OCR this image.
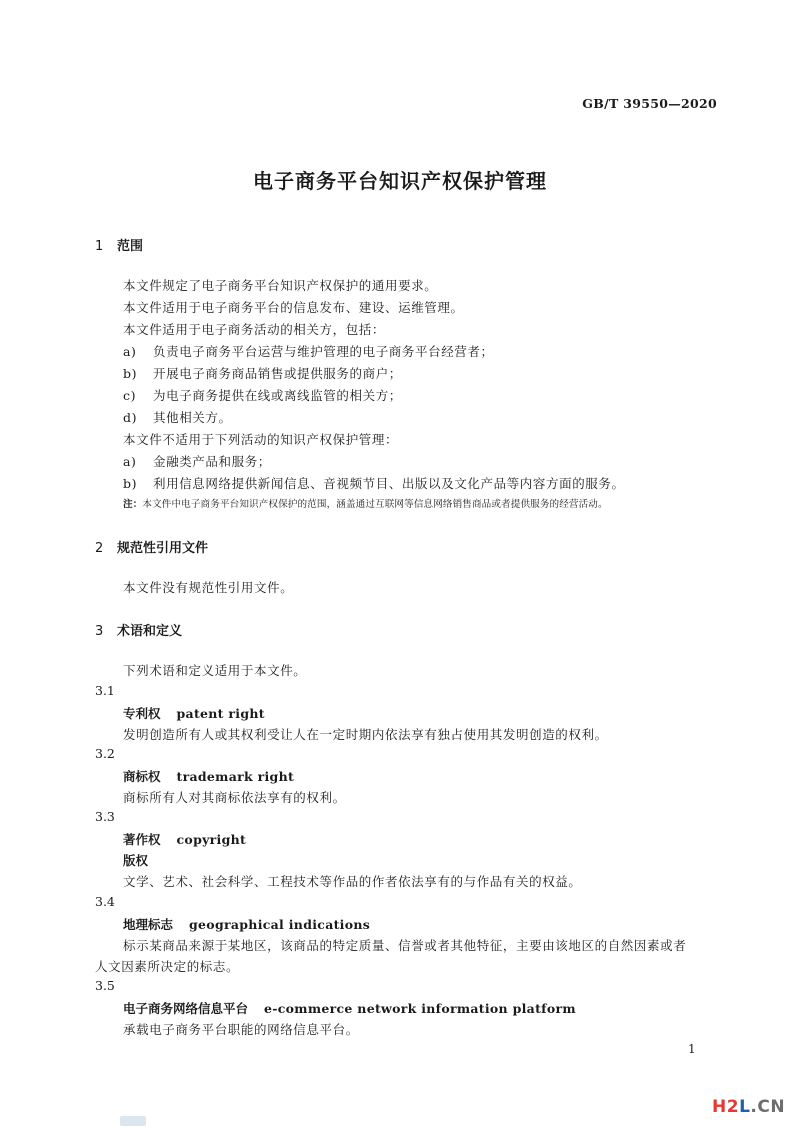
GB/T 39550—2020
电子商务平台知识产权保护管理
1 范围
本文件规定了电子商务平台知识产权保护的通用要求。
本文件适用于电子商务平台的信息发布、建设、运维管理。
本文件适用于电子商务活动的相关方，包括：
a) 负责电子商务平台运营与维护管理的电子商务平台经营者；
b) 开展电子商务商品销售或提供服务的商户；
c) 为电子商务提供在线或离线监管的相关方；
d) 其他相关方。
本文件不适用于下列活动的知识产权保护管理：
a) 金融类产品和服务；
b) 利用信息网络提供新闻信息、音视频节目、出版以及文化产品等内容方面的服务。
注：本文件中电子商务平台知识产权保护的范围，涵盖通过互联网等信息网络销售商品或者提供服务的经营活动。
2 规范性引用文件
本文件没有规范性引用文件。
3 术语和定义
下列术语和定义适用于本文件。
3.1
专利权 patent right
发明创造所有人或其权利受让人在一定时期内依法享有独占使用其发明创造的权利。
3.2
商标权 trademark right
商标所有人对其商标依法享有的权利。
3.3
著作权 copyright
版权
文学、艺术、社会科学、工程技术等作品的作者依法享有的与作品有关的权益。
3.4
地理标志 geographical indications
标示某商品来源于某地区，该商品的特定质量、信誉或者其他特征，主要由该地区的自然因素或者
人文因素所决定的标志。
3.5
电子商务网络信息平台 e-commerce network information platform
承载电子商务平台职能的网络信息平台。
1
H2L.CN
